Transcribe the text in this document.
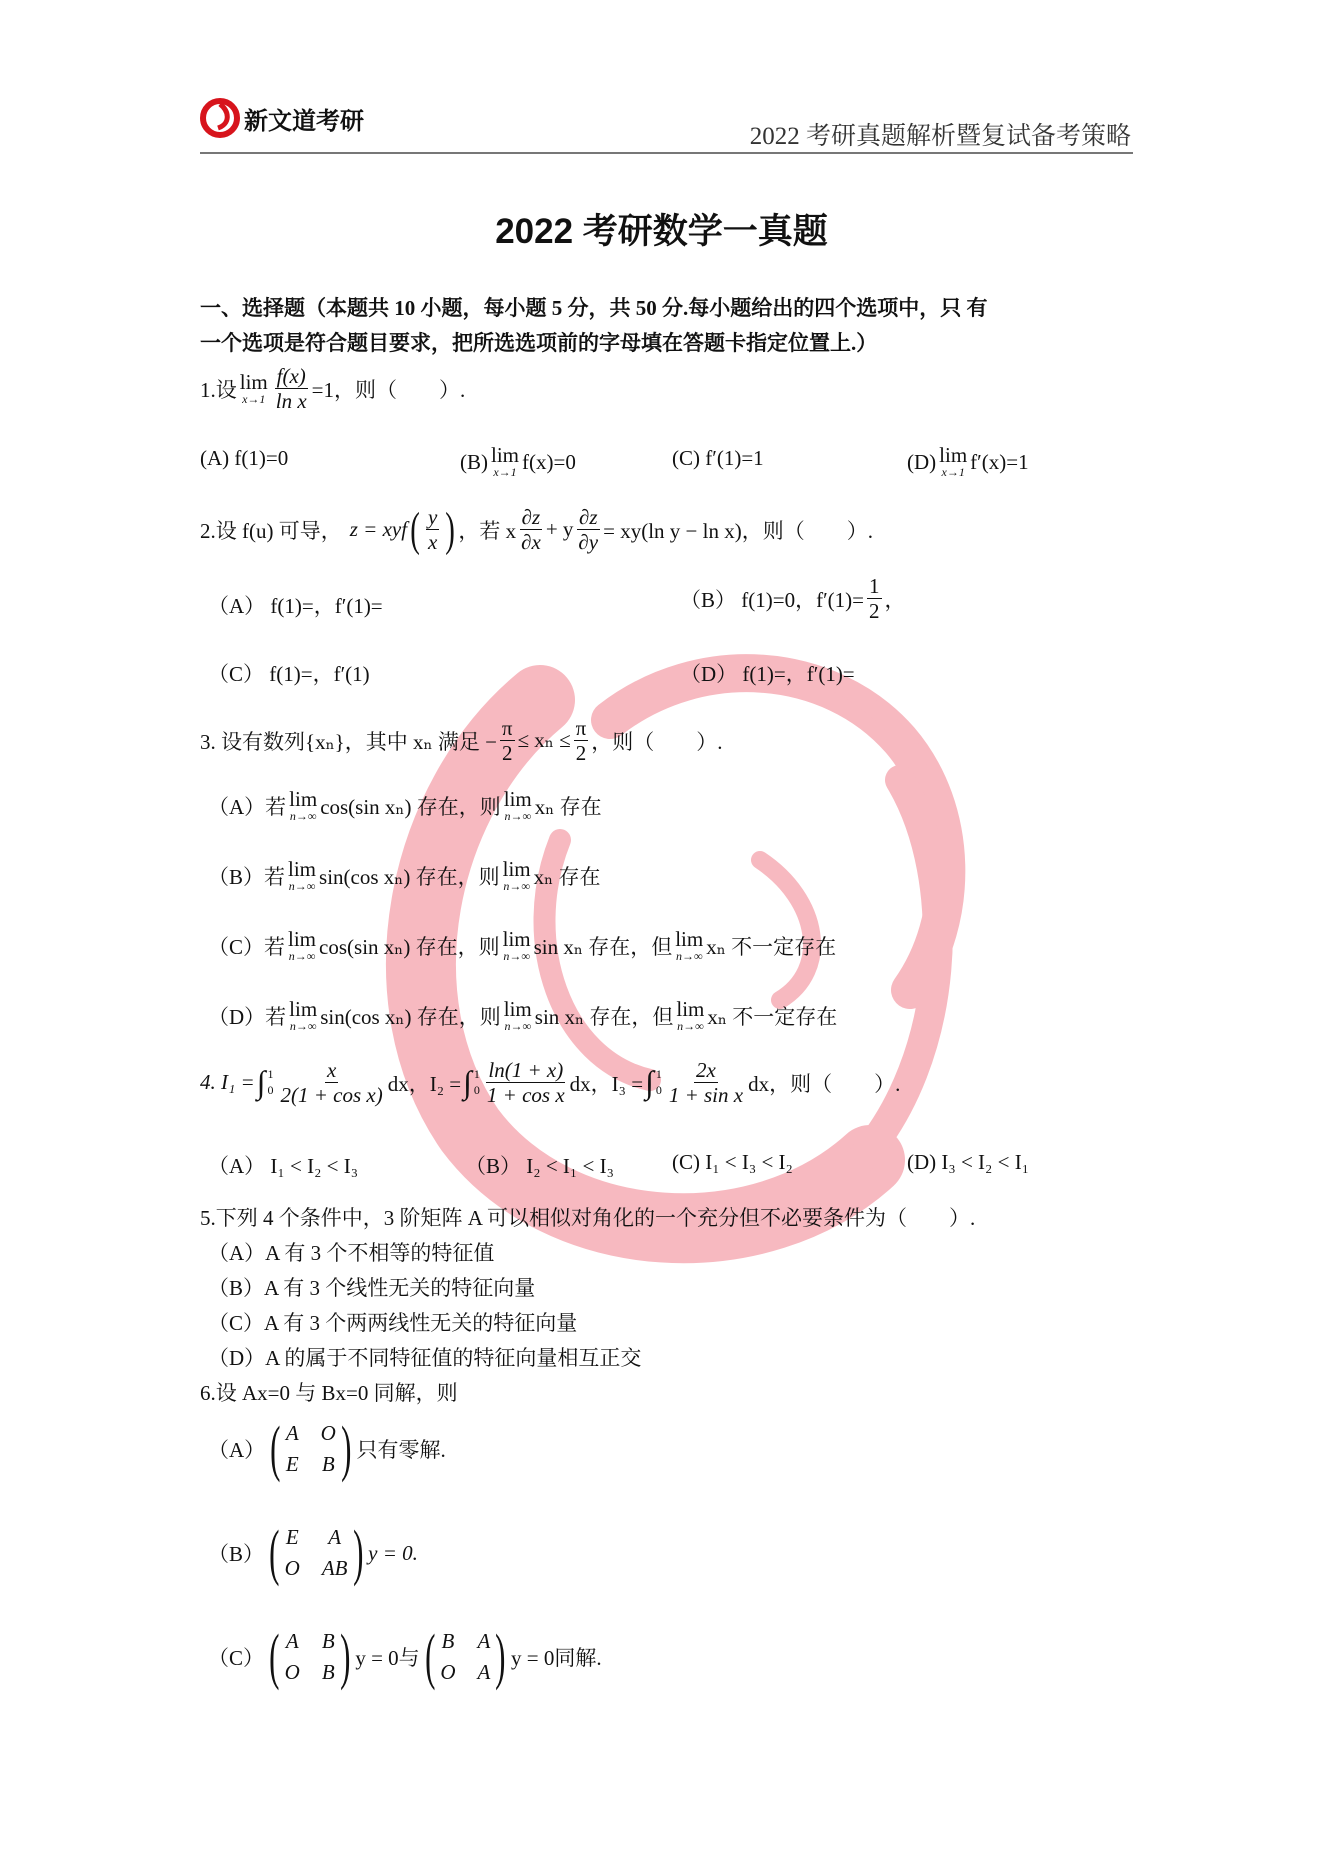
新文道考研
2022 考研真题解析暨复试备考策略
2022 考研数学一真题
一、选择题（本题共 10 小题，每小题 5 分，共 50 分.每小题给出的四个选项中，只 有
一个选项是符合题目要求，把所选选项前的字母填在答题卡指定位置上.）
1.设 lim
$x\to 1 \frac{f(x)}{\text{ln x}} =1$，则（　　）.
(A) f(1)=0	(B) lim
x→1 f(x)=0	(C) f′(1)=1	(D) lim
x→1 f′(x)=1
2.设 f(u) 可导， z = xyf ( $\frac{y}{x}$ ) ，若 x $\frac{\partial z}{\partial x} + y \frac{\partial z}{\partial y} = xy(\ln$ y − ln x)，则（　　）.
（A） f(1)=，f′(1)=	（B） f(1)=0，$f'(1)= \frac{1}{2}$ ，
（C） f(1)=，f′(1)	（D） f(1)=，f′(1)=
3. 设有数列{xₙ}，其中 xₙ 满足 − $\frac{\pi}{2} \le x_n \le \frac{\pi}{2}$ ，则（　　）.
（A）若 lim
n→∞ cos(sin xₙ) 存在，则 lim
n→∞ xₙ 存在
（B）若 lim
n→∞ sin(cos xₙ) 存在，则 lim
n→∞ xₙ 存在
（C）若 lim
n→∞ cos(sin xₙ) 存在，则 lim
n→∞ sin xₙ 存在，但 lim
n→∞ xₙ 不一定存在
（D）若 lim
n→∞ sin(cos xₙ) 存在，则 lim
n→∞ sin xₙ 存在，但 lim
n→∞ xₙ 不一定存在
4. I₁ = ∫ 1
$0 \frac{x}{\text{2(1 + cos x)}}$ dx，I₂ = ∫ 1
$0 \frac{\ln(1 + x)}{\text{1 + cos x}}$ dx，I₃ = ∫ 1
$0 \frac{2x}{\text{1 + sin x}}$ dx，则（　　）.
（A） I₁ < I₂ < I₃	（B） I₂ < I₁ < I₃	(C) I₁ < I₃ < I₂	(D) I₃ < I₂ < I₁
5.下列 4 个条件中，3 阶矩阵 A 可以相似对角化的一个充分但不必要条件为（　　）.
（A）A 有 3 个不相等的特征值
（B）A 有 3 个线性无关的特征向量
（C）A 有 3 个两两线性无关的特征向量
（D）A 的属于不同特征值的特征向量相互正交
6.设 Ax=0 与 Bx=0 同解，则
（A） ( A O
E B ) 只有零解.
（B） ( E	A
O AB ) y = 0.
（C） ( A B
O B ) y = 0与 ( B A
O A ) y = 0同解.
